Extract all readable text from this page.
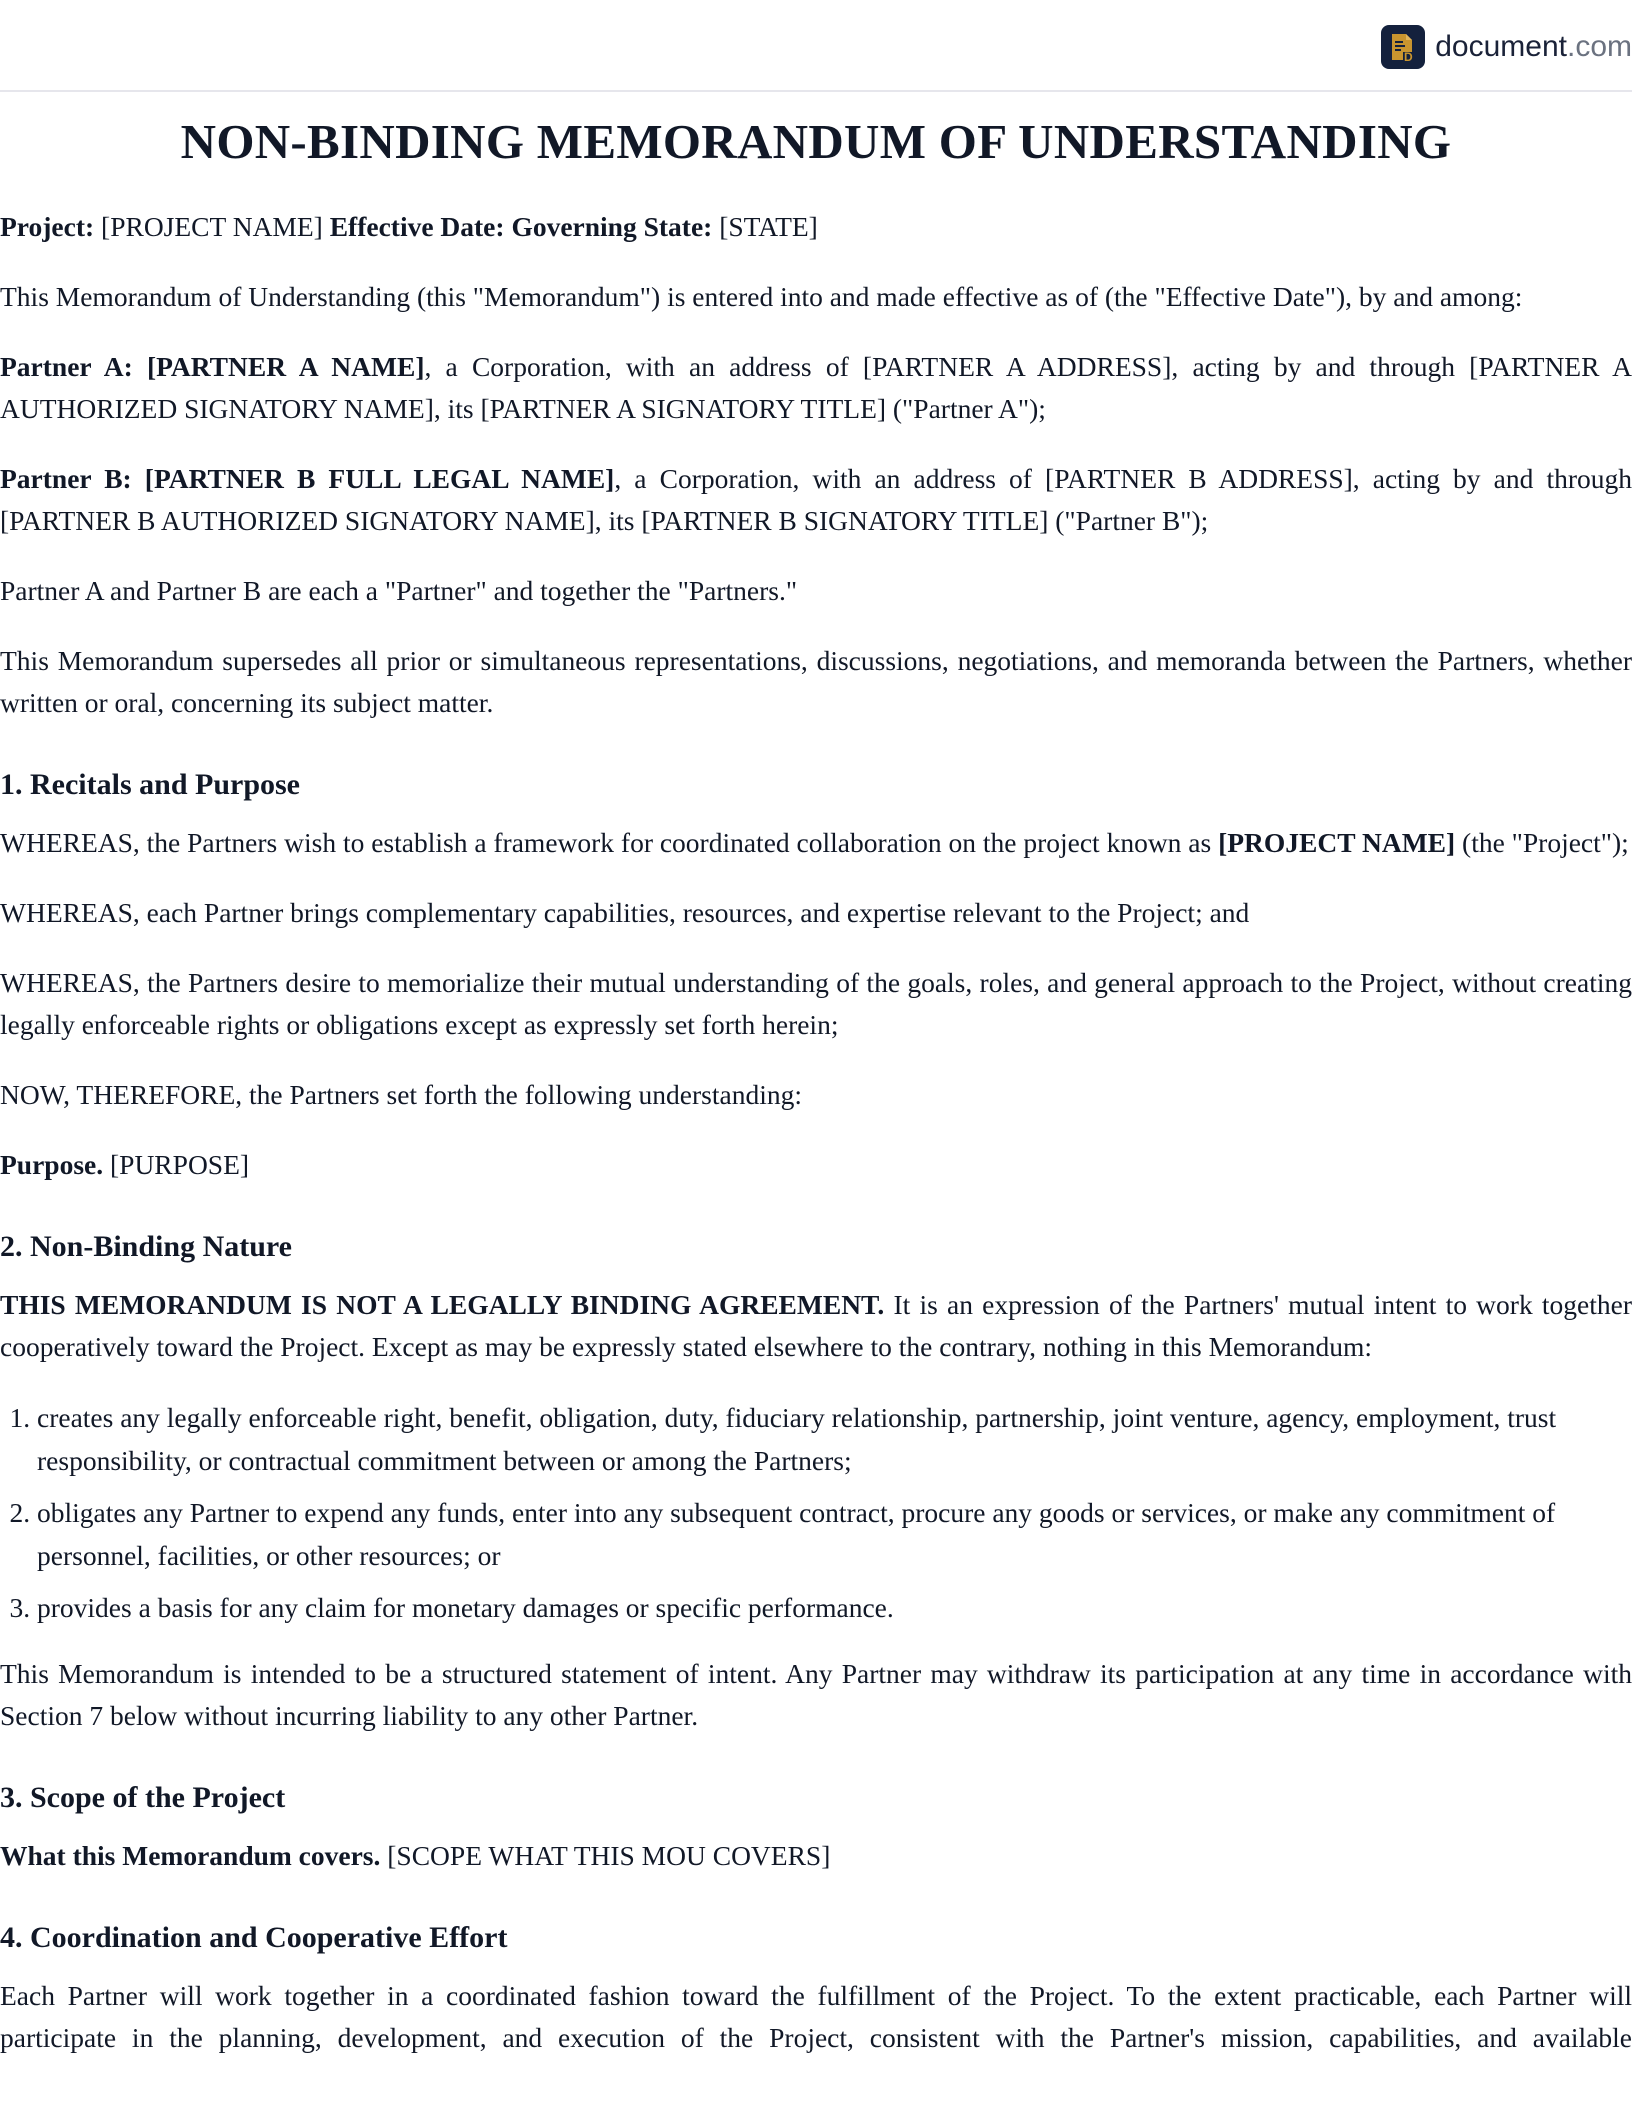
D document.com
NON-BINDING MEMORANDUM OF UNDERSTANDING

Project: [PROJECT NAME] Effective Date: Governing State: [STATE]

This Memorandum of Understanding (this "Memorandum") is entered into and made effective as of (the "Effective Date"), by and among:

Partner A: [PARTNER A NAME], a Corporation, with an address of [PARTNER A ADDRESS], acting by and through [PARTNER A AUTHORIZED SIGNATORY NAME], its [PARTNER A SIGNATORY TITLE] ("Partner A");

Partner B: [PARTNER B FULL LEGAL NAME], a Corporation, with an address of [PARTNER B ADDRESS], acting by and through [PARTNER B AUTHORIZED SIGNATORY NAME], its [PARTNER B SIGNATORY TITLE] ("Partner B");

Partner A and Partner B are each a "Partner" and together the "Partners."

This Memorandum supersedes all prior or simultaneous representations, discussions, negotiations, and memoranda between the Partners, whether written or oral, concerning its subject matter.

1. Recitals and Purpose

WHEREAS, the Partners wish to establish a framework for coordinated collaboration on the project known as [PROJECT NAME] (the "Project");

WHEREAS, each Partner brings complementary capabilities, resources, and expertise relevant to the Project; and

WHEREAS, the Partners desire to memorialize their mutual understanding of the goals, roles, and general approach to the Project, without creating legally enforceable rights or obligations except as expressly set forth herein;

NOW, THEREFORE, the Partners set forth the following understanding:

Purpose. [PURPOSE]

2. Non-Binding Nature

THIS MEMORANDUM IS NOT A LEGALLY BINDING AGREEMENT. It is an expression of the Partners' mutual intent to work together cooperatively toward the Project. Except as may be expressly stated elsewhere to the contrary, nothing in this Memorandum:

1. creates any legally enforceable right, benefit, obligation, duty, fiduciary relationship, partnership, joint venture, agency, employment, trust responsibility, or contractual commitment between or among the Partners;
2. obligates any Partner to expend any funds, enter into any subsequent contract, procure any goods or services, or make any commitment of personnel, facilities, or other resources; or
3. provides a basis for any claim for monetary damages or specific performance.

This Memorandum is intended to be a structured statement of intent. Any Partner may withdraw its participation at any time in accordance with Section 7 below without incurring liability to any other Partner.

3. Scope of the Project

What this Memorandum covers. [SCOPE WHAT THIS MOU COVERS]

4. Coordination and Cooperative Effort

Each Partner will work together in a coordinated fashion toward the fulfillment of the Project. To the extent practicable, each Partner will participate in the planning, development, and execution of the Project, consistent with the Partner's mission, capabilities, and available
